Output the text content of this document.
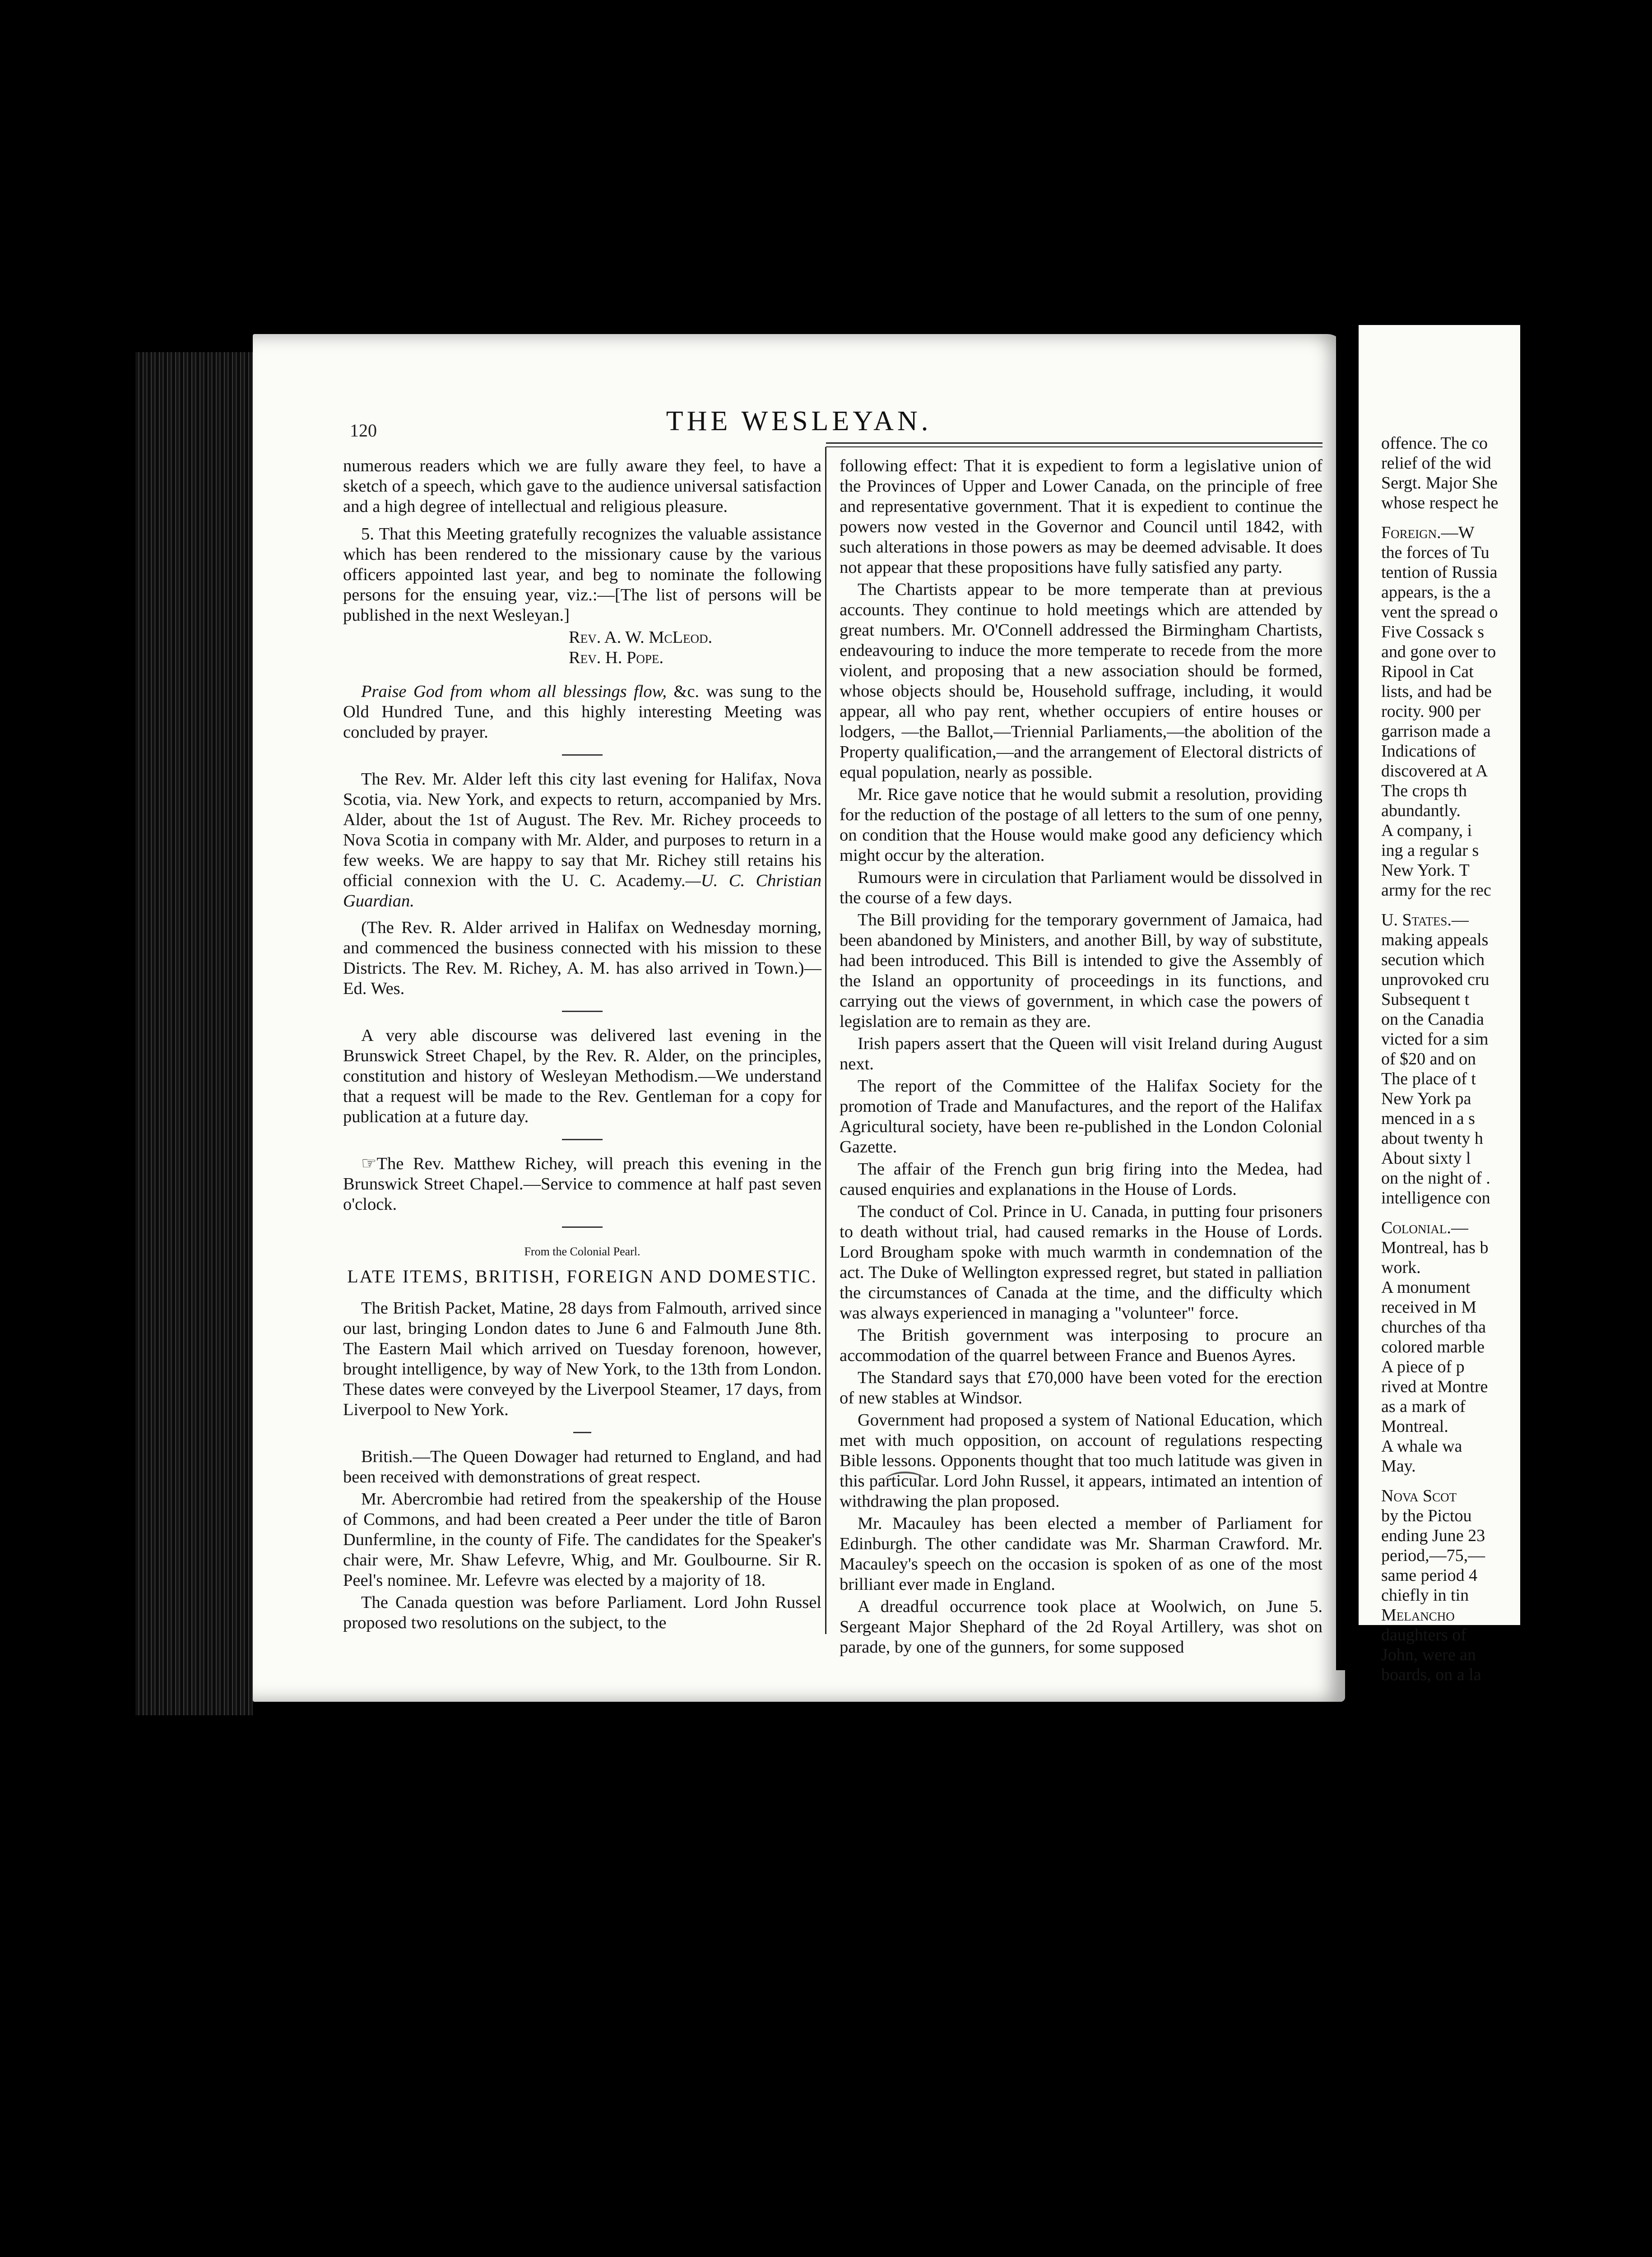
120	THE WESLEYAN.

numerous readers which we are fully aware they feel, to have a sketch of a speech, which gave to the audience universal satisfaction and a high degree of intellectual and religious pleasure.

5. That this Meeting gratefully recognizes the valuable assistance which has been rendered to the missionary cause by the various officers appointed last year, and beg to nominate the following persons for the ensuing year, viz.:—[The list of persons will be published in the next Wesleyan.]

Rev. A. W. McLeod.

Rev. H. Pope.

Praise God from whom all blessings flow, &c. was sung to the Old Hundred Tune, and this highly interesting Meeting was concluded by prayer.

The Rev. Mr. Alder left this city last evening for Halifax, Nova Scotia, via. New York, and expects to return, accompanied by Mrs. Alder, about the 1st of August. The Rev. Mr. Richey proceeds to Nova Scotia in company with Mr. Alder, and purposes to return in a few weeks. We are happy to say that Mr. Richey still retains his official connexion with the U. C. Academy.—U. C. Christian Guardian.

(The Rev. R. Alder arrived in Halifax on Wednesday morning, and commenced the business connected with his mission to these Districts. The Rev. M. Richey, A. M. has also arrived in Town.)—Ed. Wes.

A very able discourse was delivered last evening in the Brunswick Street Chapel, by the Rev. R. Alder, on the principles, constitution and history of Wesleyan Methodism.—We understand that a request will be made to the Rev. Gentleman for a copy for publication at a future day.

☞The Rev. Matthew Richey, will preach this evening in the Brunswick Street Chapel.—Service to commence at half past seven o'clock.

From the Colonial Pearl.

LATE ITEMS, BRITISH, FOREIGN AND DOMESTIC.

The British Packet, Matine, 28 days from Falmouth, arrived since our last, bringing London dates to June 6 and Falmouth June 8th. The Eastern Mail which arrived on Tuesday forenoon, however, brought intelligence, by way of New York, to the 13th from London. These dates were conveyed by the Liverpool Steamer, 17 days, from Liverpool to New York.

British.—The Queen Dowager had returned to England, and had been received with demonstrations of great respect.

Mr. Abercrombie had retired from the speakership of the House of Commons, and had been created a Peer under the title of Baron Dunfermline, in the county of Fife. The candidates for the Speaker's chair were, Mr. Shaw Lefevre, Whig, and Mr. Goulbourne. Sir R. Peel's nominee. Mr. Lefevre was elected by a majority of 18.

The Canada question was before Parliament. Lord John Russel proposed two resolutions on the subject, to the

following effect: That it is expedient to form a legislative union of the Provinces of Upper and Lower Canada, on the principle of free and representative government. That it is expedient to continue the powers now vested in the Governor and Council until 1842, with such alterations in those powers as may be deemed advisable. It does not appear that these propositions have fully satisfied any party.

The Chartists appear to be more temperate than at previous accounts. They continue to hold meetings which are attended by great numbers. Mr. O'Connell addressed the Birmingham Chartists, endeavouring to induce the more temperate to recede from the more violent, and proposing that a new association should be formed, whose objects should be, Household suffrage, including, it would appear, all who pay rent, whether occupiers of entire houses or lodgers, —the Ballot,—Triennial Parliaments,—the abolition of the Property qualification,—and the arrangement of Electoral districts of equal population, nearly as possible.

Mr. Rice gave notice that he would submit a resolution, providing for the reduction of the postage of all letters to the sum of one penny, on condition that the House would make good any deficiency which might occur by the alteration.

Rumours were in circulation that Parliament would be dissolved in the course of a few days.

The Bill providing for the temporary government of Jamaica, had been abandoned by Ministers, and another Bill, by way of substitute, had been introduced. This Bill is intended to give the Assembly of the Island an opportunity of proceedings in its functions, and carrying out the views of government, in which case the powers of legislation are to remain as they are.

Irish papers assert that the Queen will visit Ireland during August next.

The report of the Committee of the Halifax Society for the promotion of Trade and Manufactures, and the report of the Halifax Agricultural society, have been re-published in the London Colonial Gazette.

The affair of the French gun brig firing into the Medea, had caused enquiries and explanations in the House of Lords.

The conduct of Col. Prince in U. Canada, in putting four prisoners to death without trial, had caused remarks in the House of Lords. Lord Brougham spoke with much warmth in condemnation of the act. The Duke of Wellington expressed regret, but stated in palliation the circumstances of Canada at the time, and the difficulty which was always experienced in managing a "volunteer" force.

The British government was interposing to procure an accommodation of the quarrel between France and Buenos Ayres.

The Standard says that £70,000 have been voted for the erection of new stables at Windsor.

Government had proposed a system of National Education, which met with much opposition, on account of regulations respecting Bible lessons. Opponents thought that too much latitude was given in this particular. Lord John Russel, it appears, intimated an intention of withdrawing the plan proposed.

Mr. Macauley has been elected a member of Parliament for Edinburgh. The other candidate was Mr. Sharman Crawford. Mr. Macauley's speech on the occasion is spoken of as one of the most brilliant ever made in England.

A dreadful occurrence took place at Woolwich, on June 5. Sergeant Major Shephard of the 2d Royal Artillery, was shot on parade, by one of the gunners, for some supposed

offence. The co

relief of the wid

Sergt. Major She

whose respect he

Foreign.—W

the forces of Tu

tention of Russia

appears, is the a

vent the spread o

Five Cossack s

and gone over to

Ripool in Cat

lists, and had be

rocity. 900 per

garrison made a

Indications of

discovered at A

The crops th

abundantly.

A company, i

ing a regular s

New York. T

army for the rec

U. States.—

making appeals

secution which

unprovoked cru

Subsequent t

on the Canadia

victed for a sim

of $20 and on

The place of t

New York pa

menced in a s

about twenty h

About sixty l

on the night of .

intelligence con

Colonial.—

Montreal, has b

work.

A monument

received in M

churches of tha

colored marble

A piece of p

rived at Montre

as a mark of

Montreal.

A whale wa

May.

Nova Scot

by the Pictou

ending June 23

period,—75,—

same period 4

chiefly in tin

Melancho

daughters of

John, were an

boards, on a la
